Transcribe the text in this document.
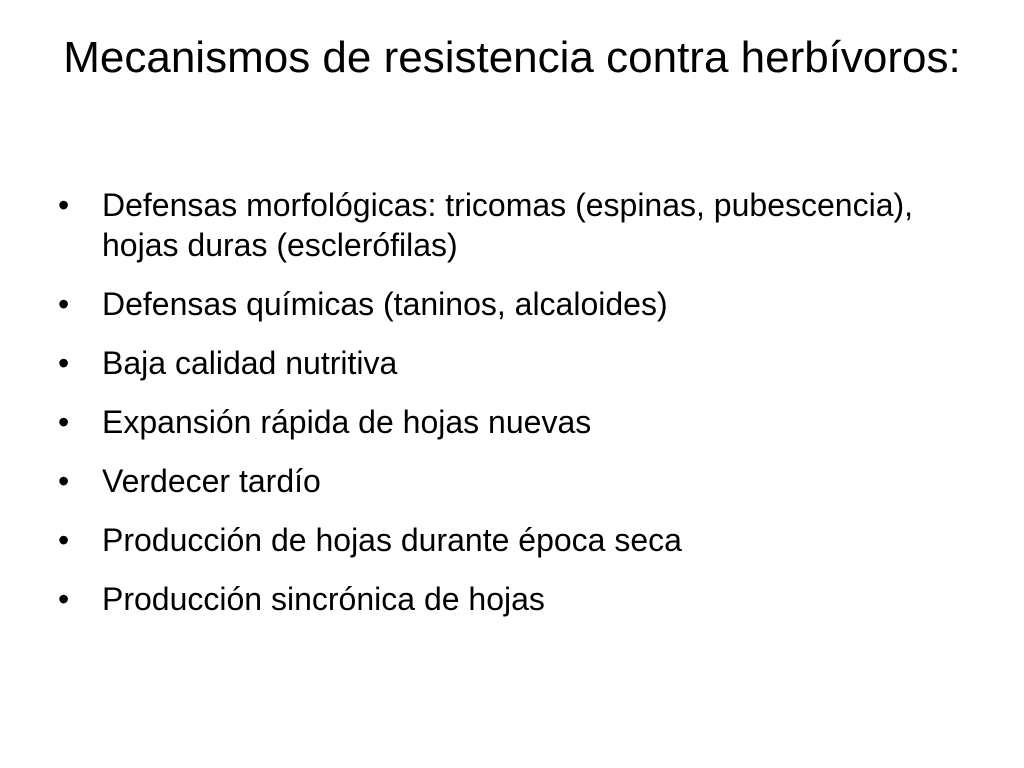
Mecanismos de resistencia contra herbívoros:
• Defensas morfológicas: tricomas (espinas, pubescencia), hojas duras (esclerófilas)
• Defensas químicas (taninos, alcaloides)
• Baja calidad nutritiva
• Expansión rápida de hojas nuevas
• Verdecer tardío
• Producción de hojas durante época seca
• Producción sincrónica de hojas
